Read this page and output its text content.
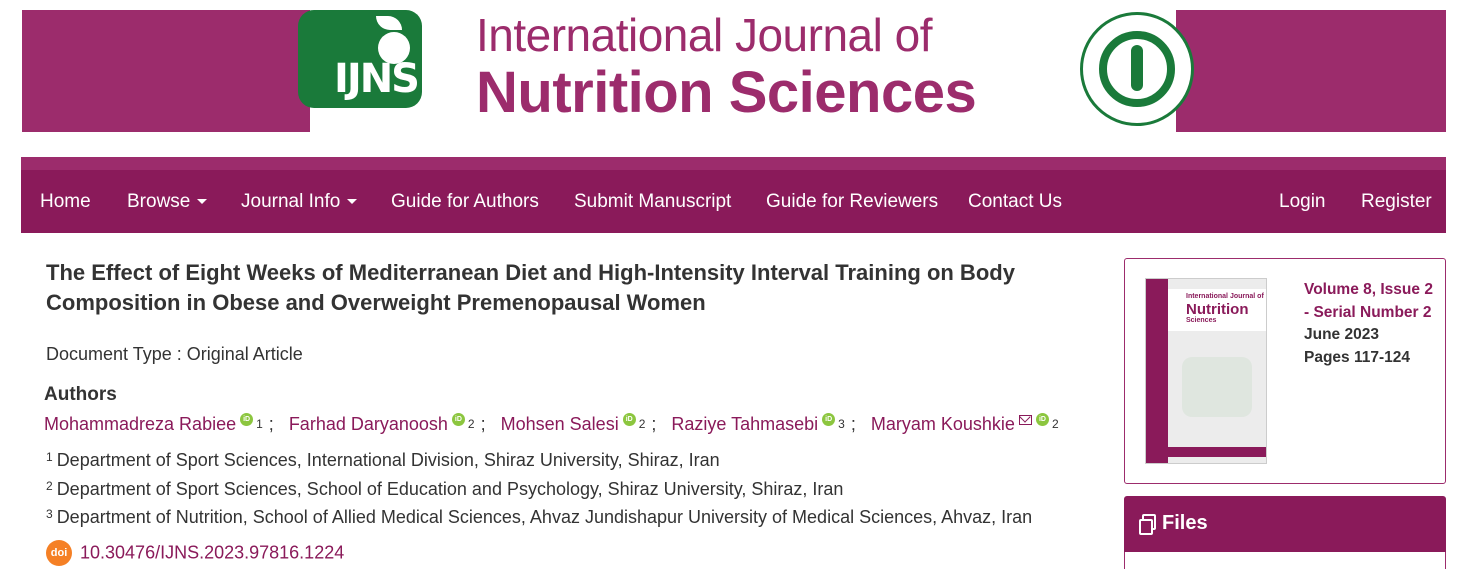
IJNS
International Journal of
Nutrition Sciences
Home Browse	Journal Info	Guide for Authors Submit Manuscript Guide for Reviewers Contact Us	Login Register
The Effect of Eight Weeks of Mediterranean Diet and High-Intensity Interval Training on Body Composition in Obese and Overweight Premenopausal Women
Document Type : Original Article
Authors
Mohammadreza Rabiee iD $^1$ ; Farhad Daryanoosh iD $^2$ ; Mohsen Salesi iD $^2$ ; Raziye Tahmasebi iD $^3$ ; Maryam Koushkie	iD $^2$
$^1$ Department of Sport Sciences, International Division, Shiraz University, Shiraz, Iran
$^2$ Department of Sport Sciences, School of Education and Psychology, Shiraz University, Shiraz, Iran
$^3$ Department of Nutrition, School of Allied Medical Sciences, Ahvaz Jundishapur University of Medical Sciences, Ahvaz, Iran
doi 10.30476/IJNS.2023.97816.1224
International Journal of
Nutrition
Sciences
Volume 8, Issue 2 - Serial Number 2
June 2023
Pages 117-124
Files
